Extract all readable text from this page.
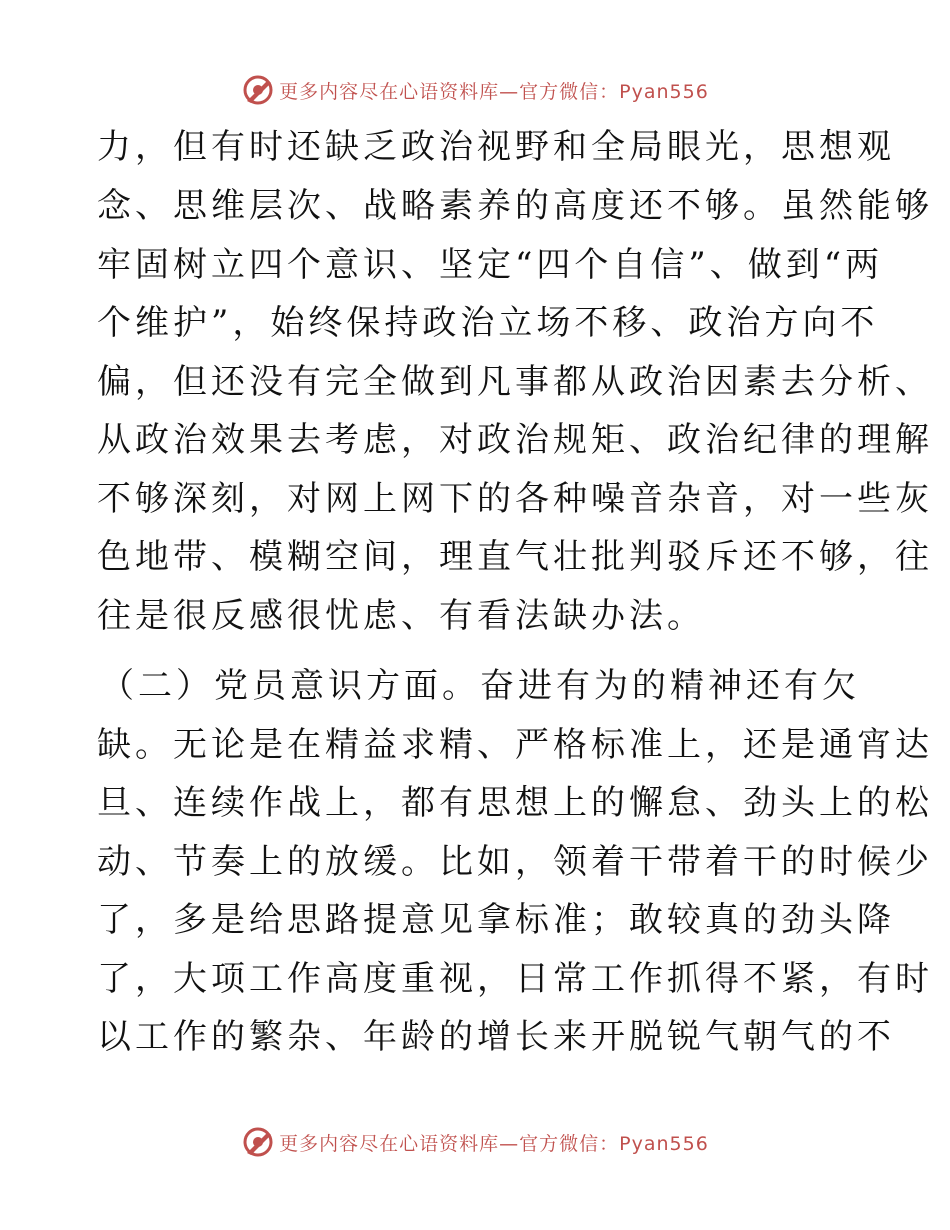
更多内容尽在心语资料库—官方微信：Pyan556
力，但有时还缺乏政治视野和全局眼光，思想观
念、思维层次、战略素养的高度还不够。虽然能够
牢固树立四个意识、坚定“四个自信”、做到“两
个维护”，始终保持政治立场不移、政治方向不
偏，但还没有完全做到凡事都从政治因素去分析、
从政治效果去考虑，对政治规矩、政治纪律的理解
不够深刻，对网上网下的各种噪音杂音，对一些灰
色地带、模糊空间，理直气壮批判驳斥还不够，往
往是很反感很忧虑、有看法缺办法。
（二）党员意识方面。奋进有为的精神还有欠
缺。无论是在精益求精、严格标准上，还是通宵达
旦、连续作战上，都有思想上的懈怠、劲头上的松
动、节奏上的放缓。比如，领着干带着干的时候少
了，多是给思路提意见拿标准；敢较真的劲头降
了，大项工作高度重视，日常工作抓得不紧，有时
以工作的繁杂、年龄的增长来开脱锐气朝气的不
更多内容尽在心语资料库—官方微信：Pyan556
